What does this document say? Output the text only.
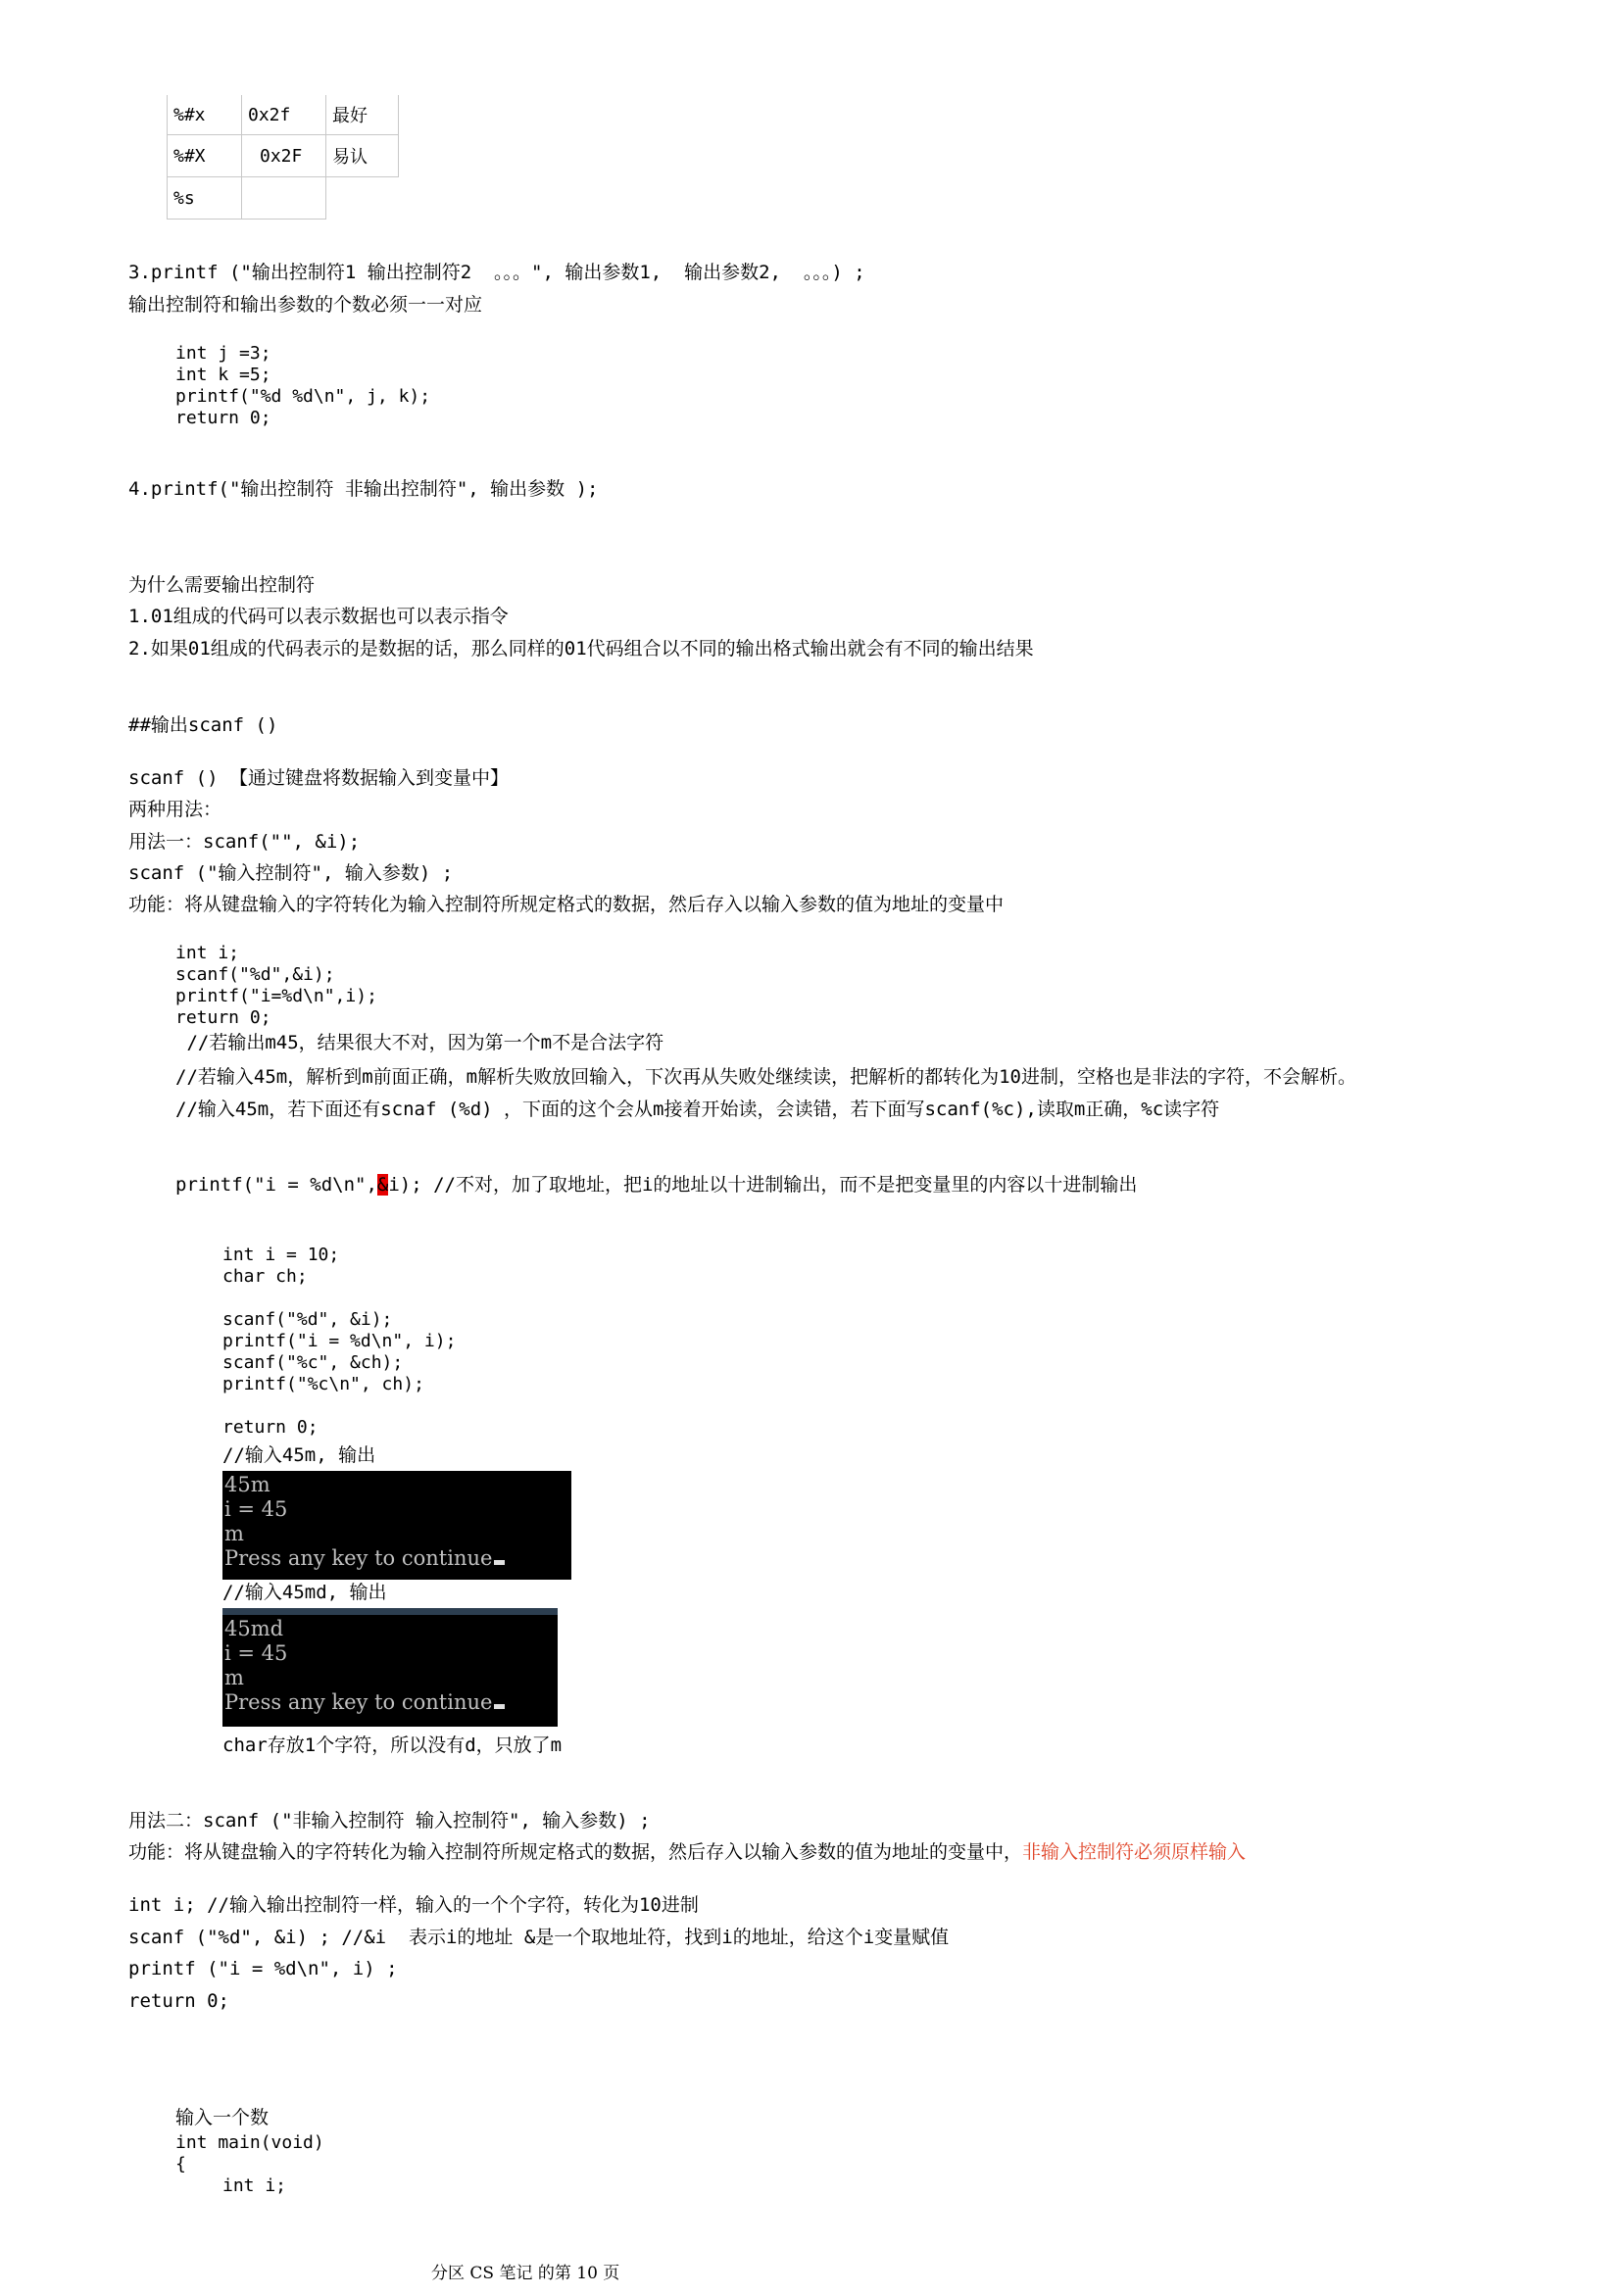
%#x	0x2f	最好
%#X	0x2F	易认
%s		
3.printf ("输出控制符1 输出控制符2  。。。", 输出参数1,  输出参数2,  。。。) ;
输出控制符和输出参数的个数必须一一对应
int j =3;
int k =5;
printf("%d %d\n", j, k);
return 0;
4.printf("输出控制符 非输出控制符", 输出参数 );
为什么需要输出控制符
1.01组成的代码可以表示数据也可以表示指令
2.如果01组成的代码表示的是数据的话，那么同样的01代码组合以不同的输出格式输出就会有不同的输出结果
##输出scanf ()
scanf () 【通过键盘将数据输入到变量中】
两种用法：
用法一：scanf("", &i);
scanf ("输入控制符", 输入参数) ;
功能：将从键盘输入的字符转化为输入控制符所规定格式的数据，然后存入以输入参数的值为地址的变量中
int i;
scanf("%d",&i);
printf("i=%d\n",i);
return 0;
//若输出m45，结果很大不对，因为第一个m不是合法字符
//若输入45m，解析到m前面正确，m解析失败放回输入，下次再从失败处继续读，把解析的都转化为10进制，空格也是非法的字符，不会解析。
//输入45m，若下面还有scnaf (%d) ，下面的这个会从m接着开始读，会读错，若下面写scanf(%c),读取m正确，%c读字符
printf("i = %d\n",&i); //不对，加了取地址，把i的地址以十进制输出，而不是把变量里的内容以十进制输出
int i = 10;
char ch;
scanf("%d", &i);
printf("i = %d\n", i);
scanf("%c", &ch);
printf("%c\n", ch);
return 0;
//输入45m, 输出
45m
i = 45
m
Press any key to continue
//输入45md, 输出
45md
i = 45
m
Press any key to continue
char存放1个字符，所以没有d，只放了m
用法二：scanf ("非输入控制符 输入控制符", 输入参数) ;
功能：将从键盘输入的字符转化为输入控制符所规定格式的数据，然后存入以输入参数的值为地址的变量中，非输入控制符必须原样输入
int i; //输入输出控制符一样，输入的一个个字符，转化为10进制
scanf ("%d", &i) ; //&i  表示i的地址 &是一个取地址符，找到i的地址，给这个i变量赋值
printf ("i = %d\n", i) ;
return 0;
输入一个数
int main(void)
{
int i;
分区 CS 笔记 的第 10 页
